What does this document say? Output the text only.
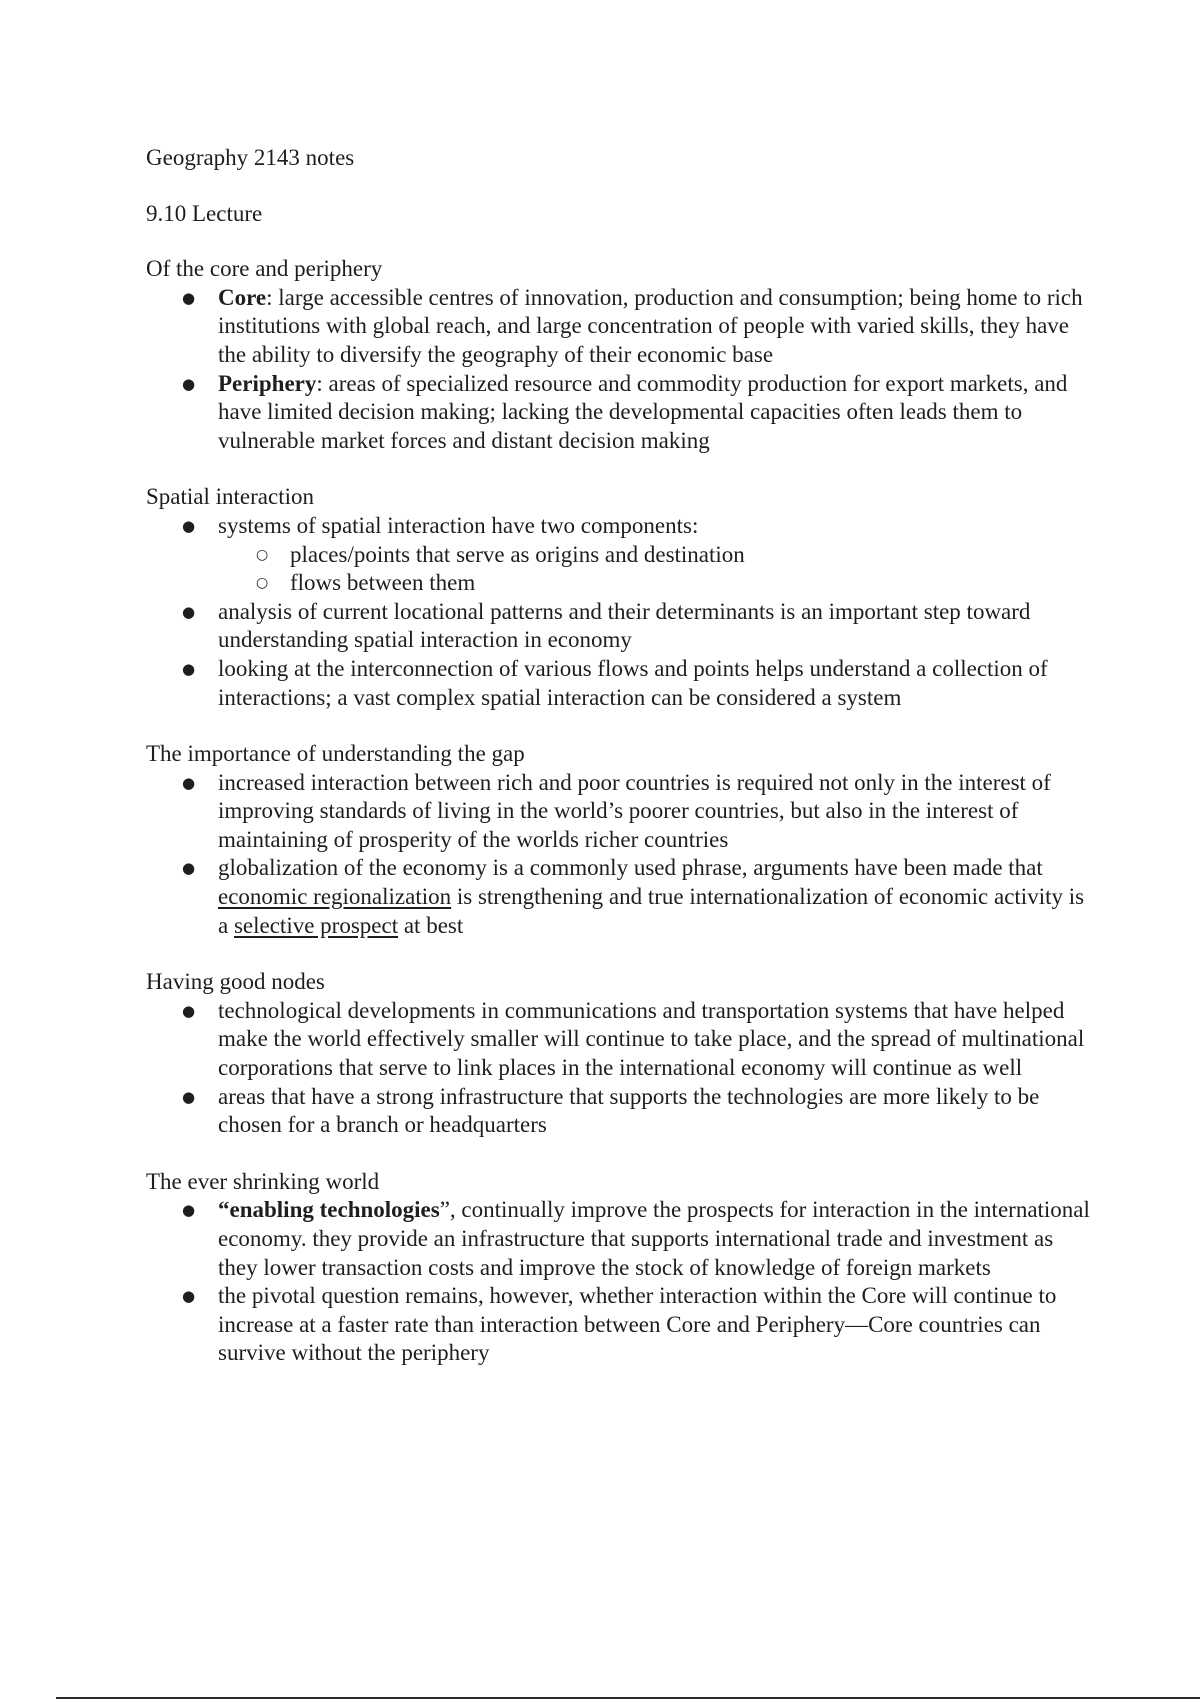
Geography 2143 notes
9.10 Lecture
Of the core and periphery
● Core: large accessible centres of innovation, production and consumption; being home to rich institutions with global reach, and large concentration of people with varied skills, they have the ability to diversify the geography of their economic base
● Periphery: areas of specialized resource and commodity production for export markets, and have limited decision making; lacking the developmental capacities often leads them to vulnerable market forces and distant decision making
Spatial interaction
● systems of spatial interaction have two components:
○ places/points that serve as origins and destination
○ flows between them
● analysis of current locational patterns and their determinants is an important step toward understanding spatial interaction in economy
● looking at the interconnection of various flows and points helps understand a collection of interactions; a vast complex spatial interaction can be considered a system
The importance of understanding the gap
● increased interaction between rich and poor countries is required not only in the interest of improving standards of living in the world’s poorer countries, but also in the interest of maintaining of prosperity of the worlds richer countries
● globalization of the economy is a commonly used phrase, arguments have been made that economic regionalization is strengthening and true internationalization of economic activity is a selective prospect at best
Having good nodes
● technological developments in communications and transportation systems that have helped make the world effectively smaller will continue to take place, and the spread of multinational corporations that serve to link places in the international economy will continue as well
● areas that have a strong infrastructure that supports the technologies are more likely to be chosen for a branch or headquarters
The ever shrinking world
● “enabling technologies”, continually improve the prospects for interaction in the international economy. they provide an infrastructure that supports international trade and investment as they lower transaction costs and improve the stock of knowledge of foreign markets
● the pivotal question remains, however, whether interaction within the Core will continue to increase at a faster rate than interaction between Core and Periphery—Core countries can survive without the periphery
